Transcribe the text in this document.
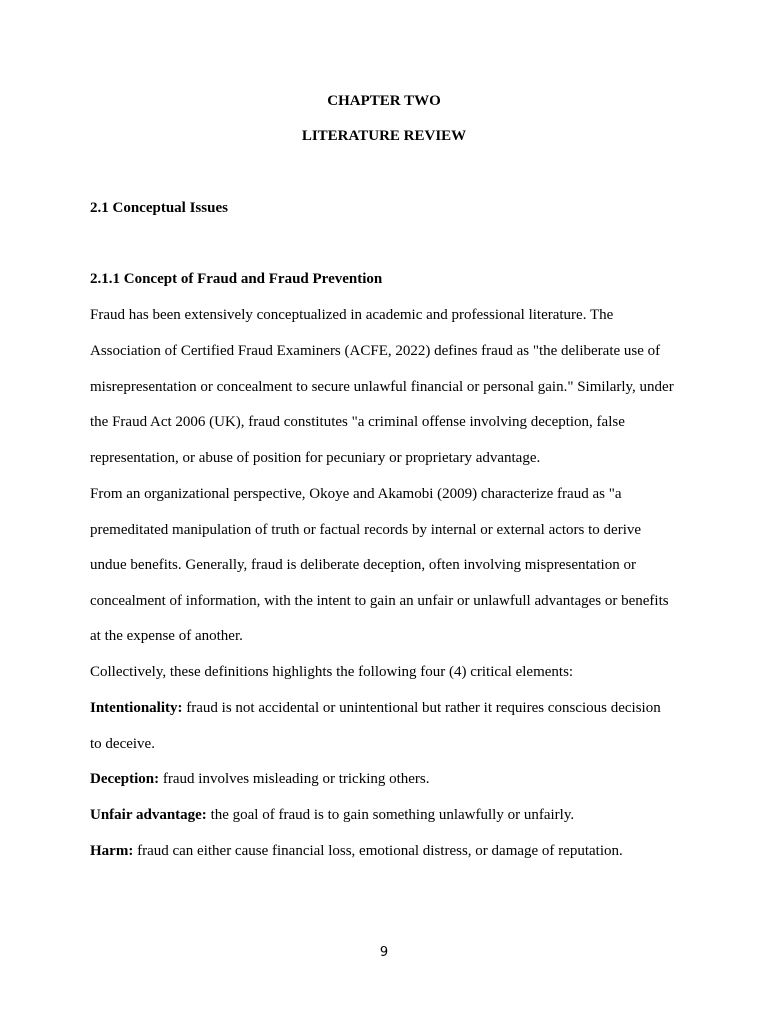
CHAPTER TWO
LITERATURE REVIEW
2.1 Conceptual Issues
2.1.1 Concept of Fraud and Fraud Prevention
Fraud has been extensively conceptualized in academic and professional literature. The
Association of Certified Fraud Examiners (ACFE, 2022) defines fraud as "the deliberate use of
misrepresentation or concealment to secure unlawful financial or personal gain." Similarly, under
the Fraud Act 2006 (UK), fraud constitutes "a criminal offense involving deception, false
representation, or abuse of position for pecuniary or proprietary advantage.
From an organizational perspective, Okoye and Akamobi (2009) characterize fraud as "a
premeditated manipulation of truth or factual records by internal or external actors to derive
undue benefits. Generally, fraud is deliberate deception, often involving mispresentation or
concealment of information, with the intent to gain an unfair or unlawfull advantages or benefits
at the expense of another.
Collectively, these definitions highlights the following four (4) critical elements:
Intentionality: fraud is not accidental or unintentional but rather it requires conscious decision
to deceive.
Deception: fraud involves misleading or tricking others.
Unfair advantage: the goal of fraud is to gain something unlawfully or unfairly.
Harm: fraud can either cause financial loss, emotional distress, or damage of reputation.
9
